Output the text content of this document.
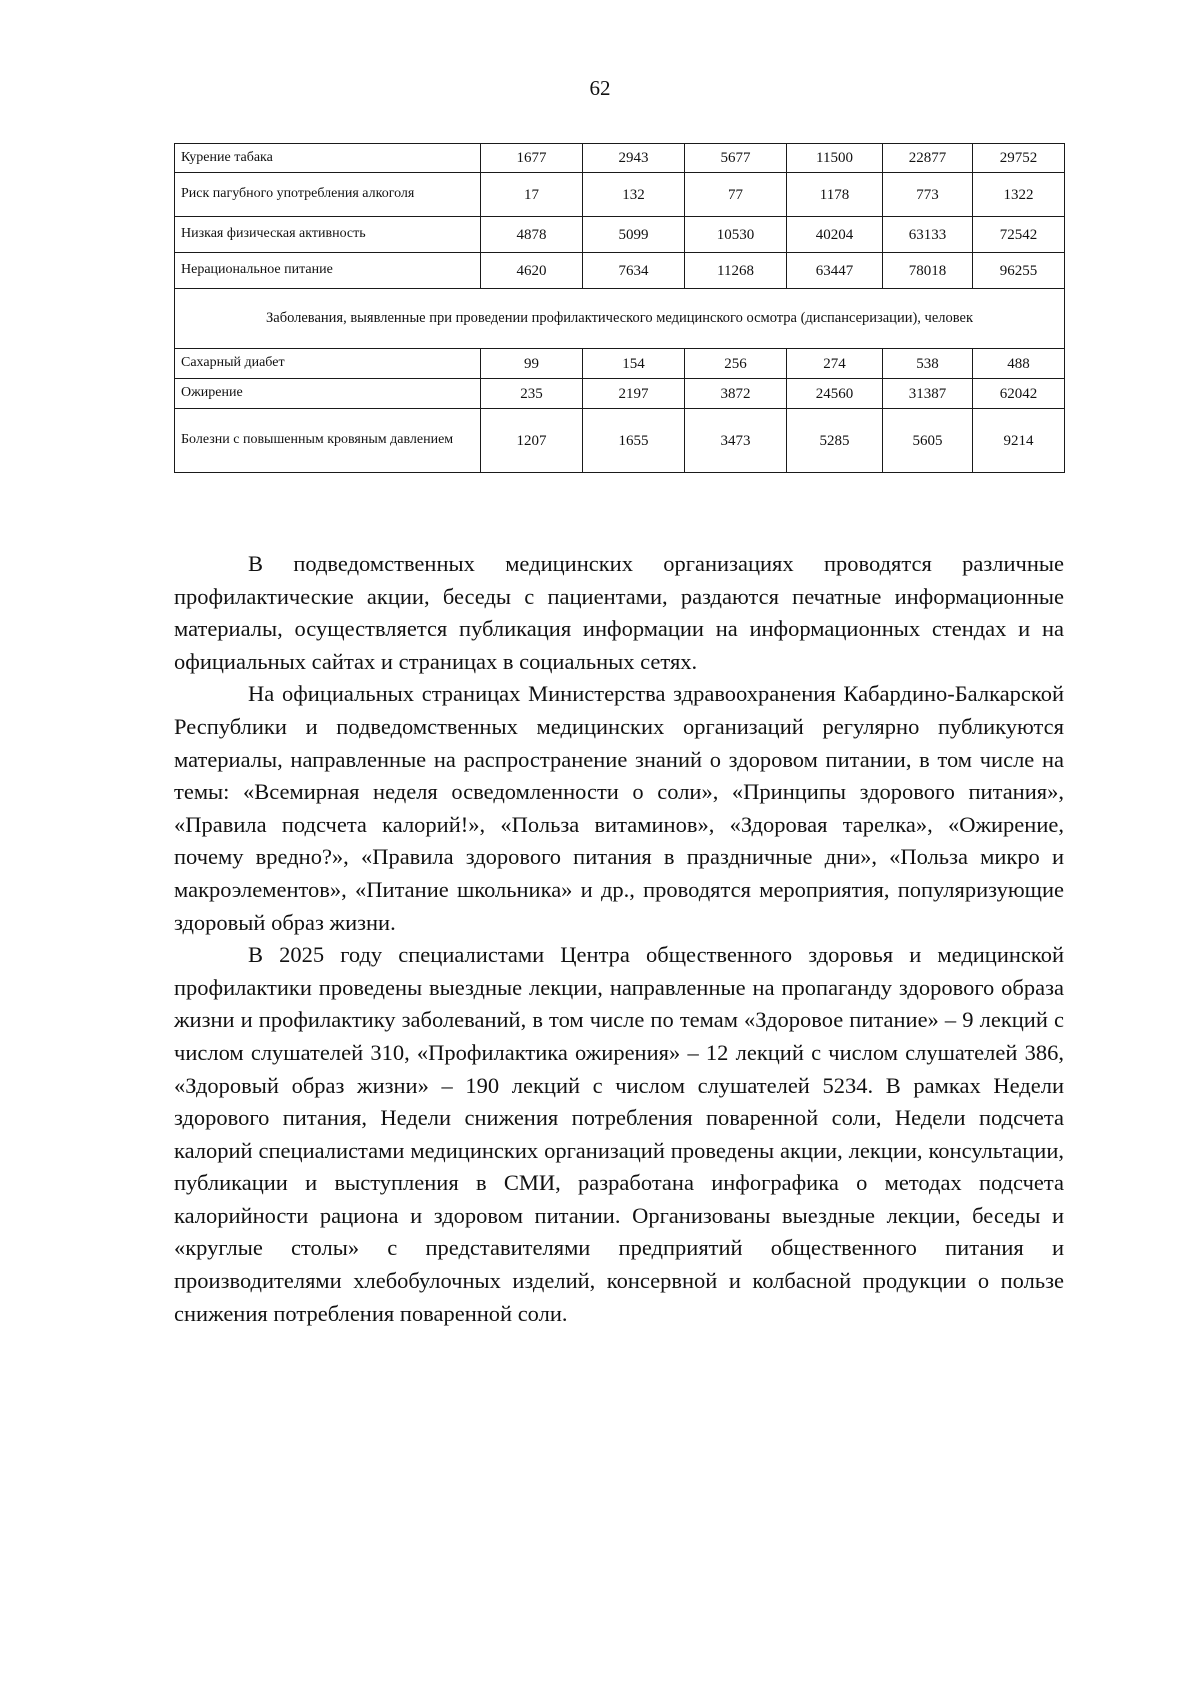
62
Курение табака	1677	2943	5677	11500	22877	29752
Риск пагубного употребления алкоголя	17	132	77	1178	773	1322
Низкая физическая активность	4878	5099	10530	40204	63133	72542
Нерациональное питание	4620	7634	11268	63447	78018	96255
Заболевания, выявленные при проведении профилактического медицинского осмотра (диспансеризации), человек						
Сахарный диабет	99	154	256	274	538	488
Ожирение	235	2197	3872	24560	31387	62042
Болезни с повышенным кровяным давлением	1207	1655	3473	5285	5605	9214

В подведомственных медицинских организациях проводятся различные профилактические акции, беседы с пациентами, раздаются печатные информационные материалы, осуществляется публикация информации на информационных стендах и на официальных сайтах и страницах в социальных сетях.

На официальных страницах Министерства здравоохранения Кабардино-Балкарской Республики и подведомственных медицинских организаций регулярно публикуются материалы, направленные на распространение знаний о здоровом питании, в том числе на темы: «Всемирная неделя осведомленности о соли», «Принципы здорового питания», «Правила подсчета калорий!», «Польза витаминов», «Здоровая тарелка», «Ожирение, почему вредно?», «Правила здорового питания в праздничные дни», «Польза микро и макроэлементов», «Питание школьника» и др., проводятся мероприятия, популяризующие здоровый образ жизни.

В 2025 году специалистами Центра общественного здоровья и медицинской профилактики проведены выездные лекции, направленные на пропаганду здорового образа жизни и профилактику заболеваний, в том числе по темам «Здоровое питание» – 9 лекций с числом слушателей 310, «Профилактика ожирения» – 12 лекций с числом слушателей 386, «Здоровый образ жизни» – 190 лекций с числом слушателей 5234. В рамках Недели здорового питания, Недели снижения потребления поваренной соли, Недели подсчета калорий специалистами медицинских организаций проведены акции, лекции, консультации, публикации и выступления в СМИ, разработана инфографика о методах подсчета калорийности рациона и здоровом питании. Организованы выездные лекции, беседы и «круглые столы» с представителями предприятий общественного питания и производителями хлебобулочных изделий, консервной и колбасной продукции о пользе снижения потребления поваренной соли.
